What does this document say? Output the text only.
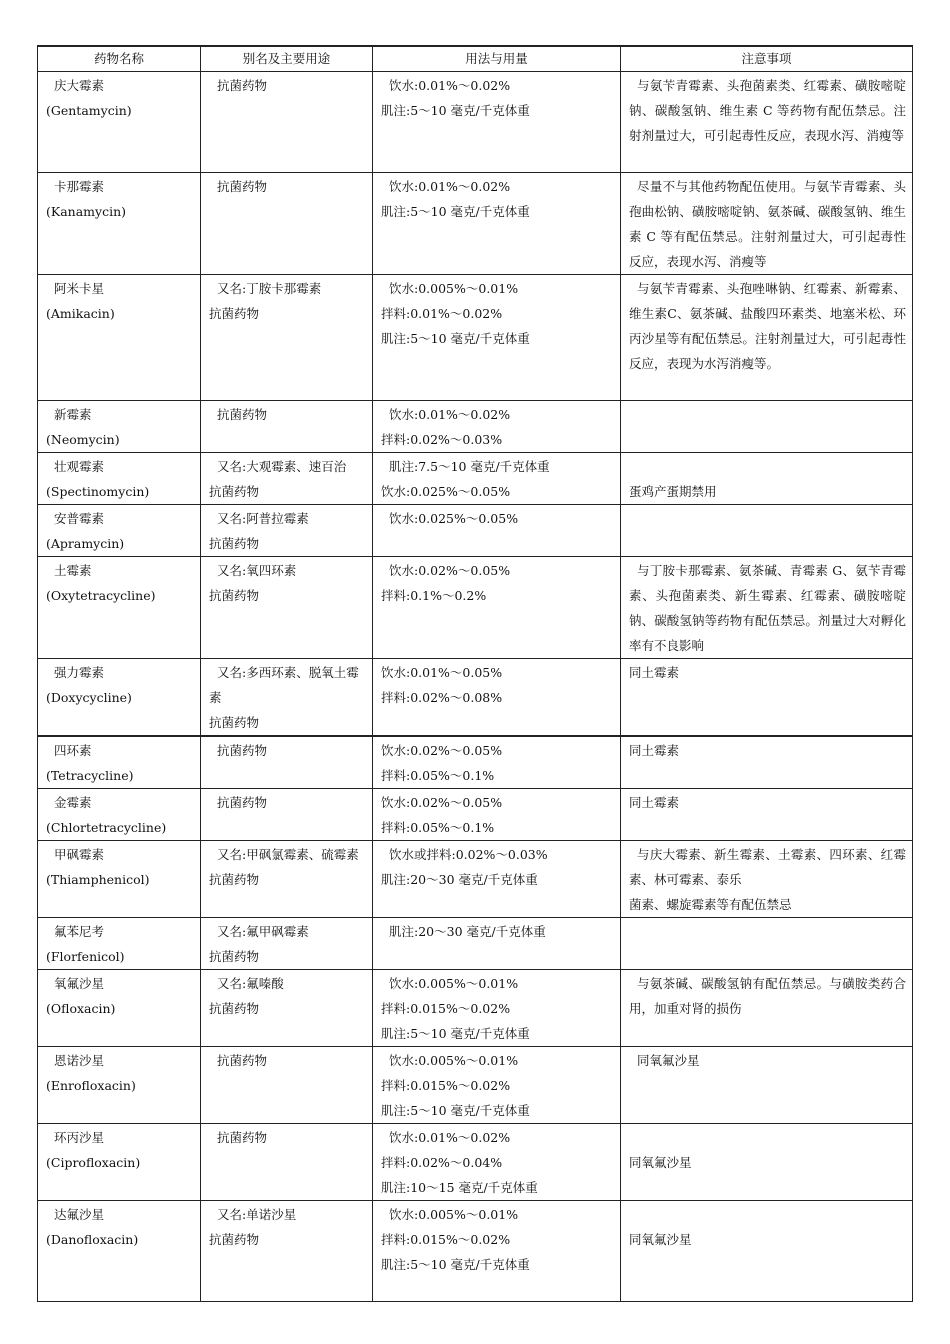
药物名称	别名及主要用途	用法与用量	注意事项

庆大霉素
(Gentamycin)	抗菌药物	饮水:0.01%～0.02%
肌注:5～10 毫克/千克体重	与氨苄青霉素、头孢菌素类、红霉素、磺胺嘧啶钠、碳酸氢钠、维生素 C 等药物有配伍禁忌。注射剂量过大，可引起毒性反应，表现水泻、消瘦等

卡那霉素
(Kanamycin)	抗菌药物	饮水:0.01%～0.02%
肌注:5～10 毫克/千克体重	尽量不与其他药物配伍使用。与氨苄青霉素、头孢曲松钠、磺胺嘧啶钠、氨茶碱、碳酸氢钠、维生素 C 等有配伍禁忌。注射剂量过大，可引起毒性反应，表现水泻、消瘦等

阿米卡星
(Amikacin)	又名:丁胺卡那霉素
抗菌药物	饮水:0.005%～0.01%
拌料:0.01%～0.02%
肌注:5～10 毫克/千克体重	与氨苄青霉素、头孢唑啉钠、红霉素、新霉素、维生素C、氨茶碱、盐酸四环素类、地塞米松、环丙沙星等有配伍禁忌。注射剂量过大，可引起毒性反应，表现为水泻消瘦等。

新霉素
(Neomycin)	抗菌药物	饮水:0.01%～0.02%
拌料:0.02%～0.03%	

壮观霉素
(Spectinomycin)	又名:大观霉素、速百治
抗菌药物	肌注:7.5～10 毫克/千克体重
饮水:0.025%～0.05%	蛋鸡产蛋期禁用

安普霉素
(Apramycin)	又名:阿普拉霉素
抗菌药物	饮水:0.025%～0.05%	

土霉素
(Oxytetracycline)	又名:氧四环素
抗菌药物	饮水:0.02%～0.05%
拌料:0.1%～0.2%	与丁胺卡那霉素、氨茶碱、青霉素 G、氨苄青霉素、头孢菌素类、新生霉素、红霉素、磺胺嘧啶钠、碳酸氢钠等药物有配伍禁忌。剂量过大对孵化率有不良影响

强力霉素
(Doxycycline)	又名:多西环素、脱氧土霉素
抗菌药物	饮水:0.01%～0.05%
拌料:0.02%～0.08%	同土霉素

四环素
(Tetracycline)	抗菌药物	饮水:0.02%～0.05%
拌料:0.05%～0.1%	同土霉素

金霉素
(Chlortetracycline)	抗菌药物	饮水:0.02%～0.05%
拌料:0.05%～0.1%	同土霉素

甲砜霉素
(Thiamphenicol)	又名:甲砜氯霉素、硫霉素
抗菌药物	饮水或拌料:0.02%～0.03%
肌注:20～30 毫克/千克体重	与庆大霉素、新生霉素、土霉素、四环素、红霉素、林可霉素、泰乐
菌素、螺旋霉素等有配伍禁忌

氟苯尼考
(Florfenicol)	又名:氟甲砜霉素
抗菌药物	肌注:20～30 毫克/千克体重	

氧氟沙星
(Ofloxacin)	又名:氟嗪酸
抗菌药物	饮水:0.005%～0.01%
拌料:0.015%～0.02%
肌注:5～10 毫克/千克体重	与氨茶碱、碳酸氢钠有配伍禁忌。与磺胺类药合用，加重对肾的损伤

恩诺沙星
(Enrofloxacin)	抗菌药物	饮水:0.005%～0.01%
拌料:0.015%～0.02%
肌注:5～10 毫克/千克体重	同氧氟沙星

环丙沙星
(Ciprofloxacin)	抗菌药物	饮水:0.01%～0.02%
拌料:0.02%～0.04%
肌注:10～15 毫克/千克体重	同氧氟沙星

达氟沙星
(Danofloxacin)	又名:单诺沙星
抗菌药物	饮水:0.005%～0.01%
拌料:0.015%～0.02%
肌注:5～10 毫克/千克体重	同氧氟沙星
